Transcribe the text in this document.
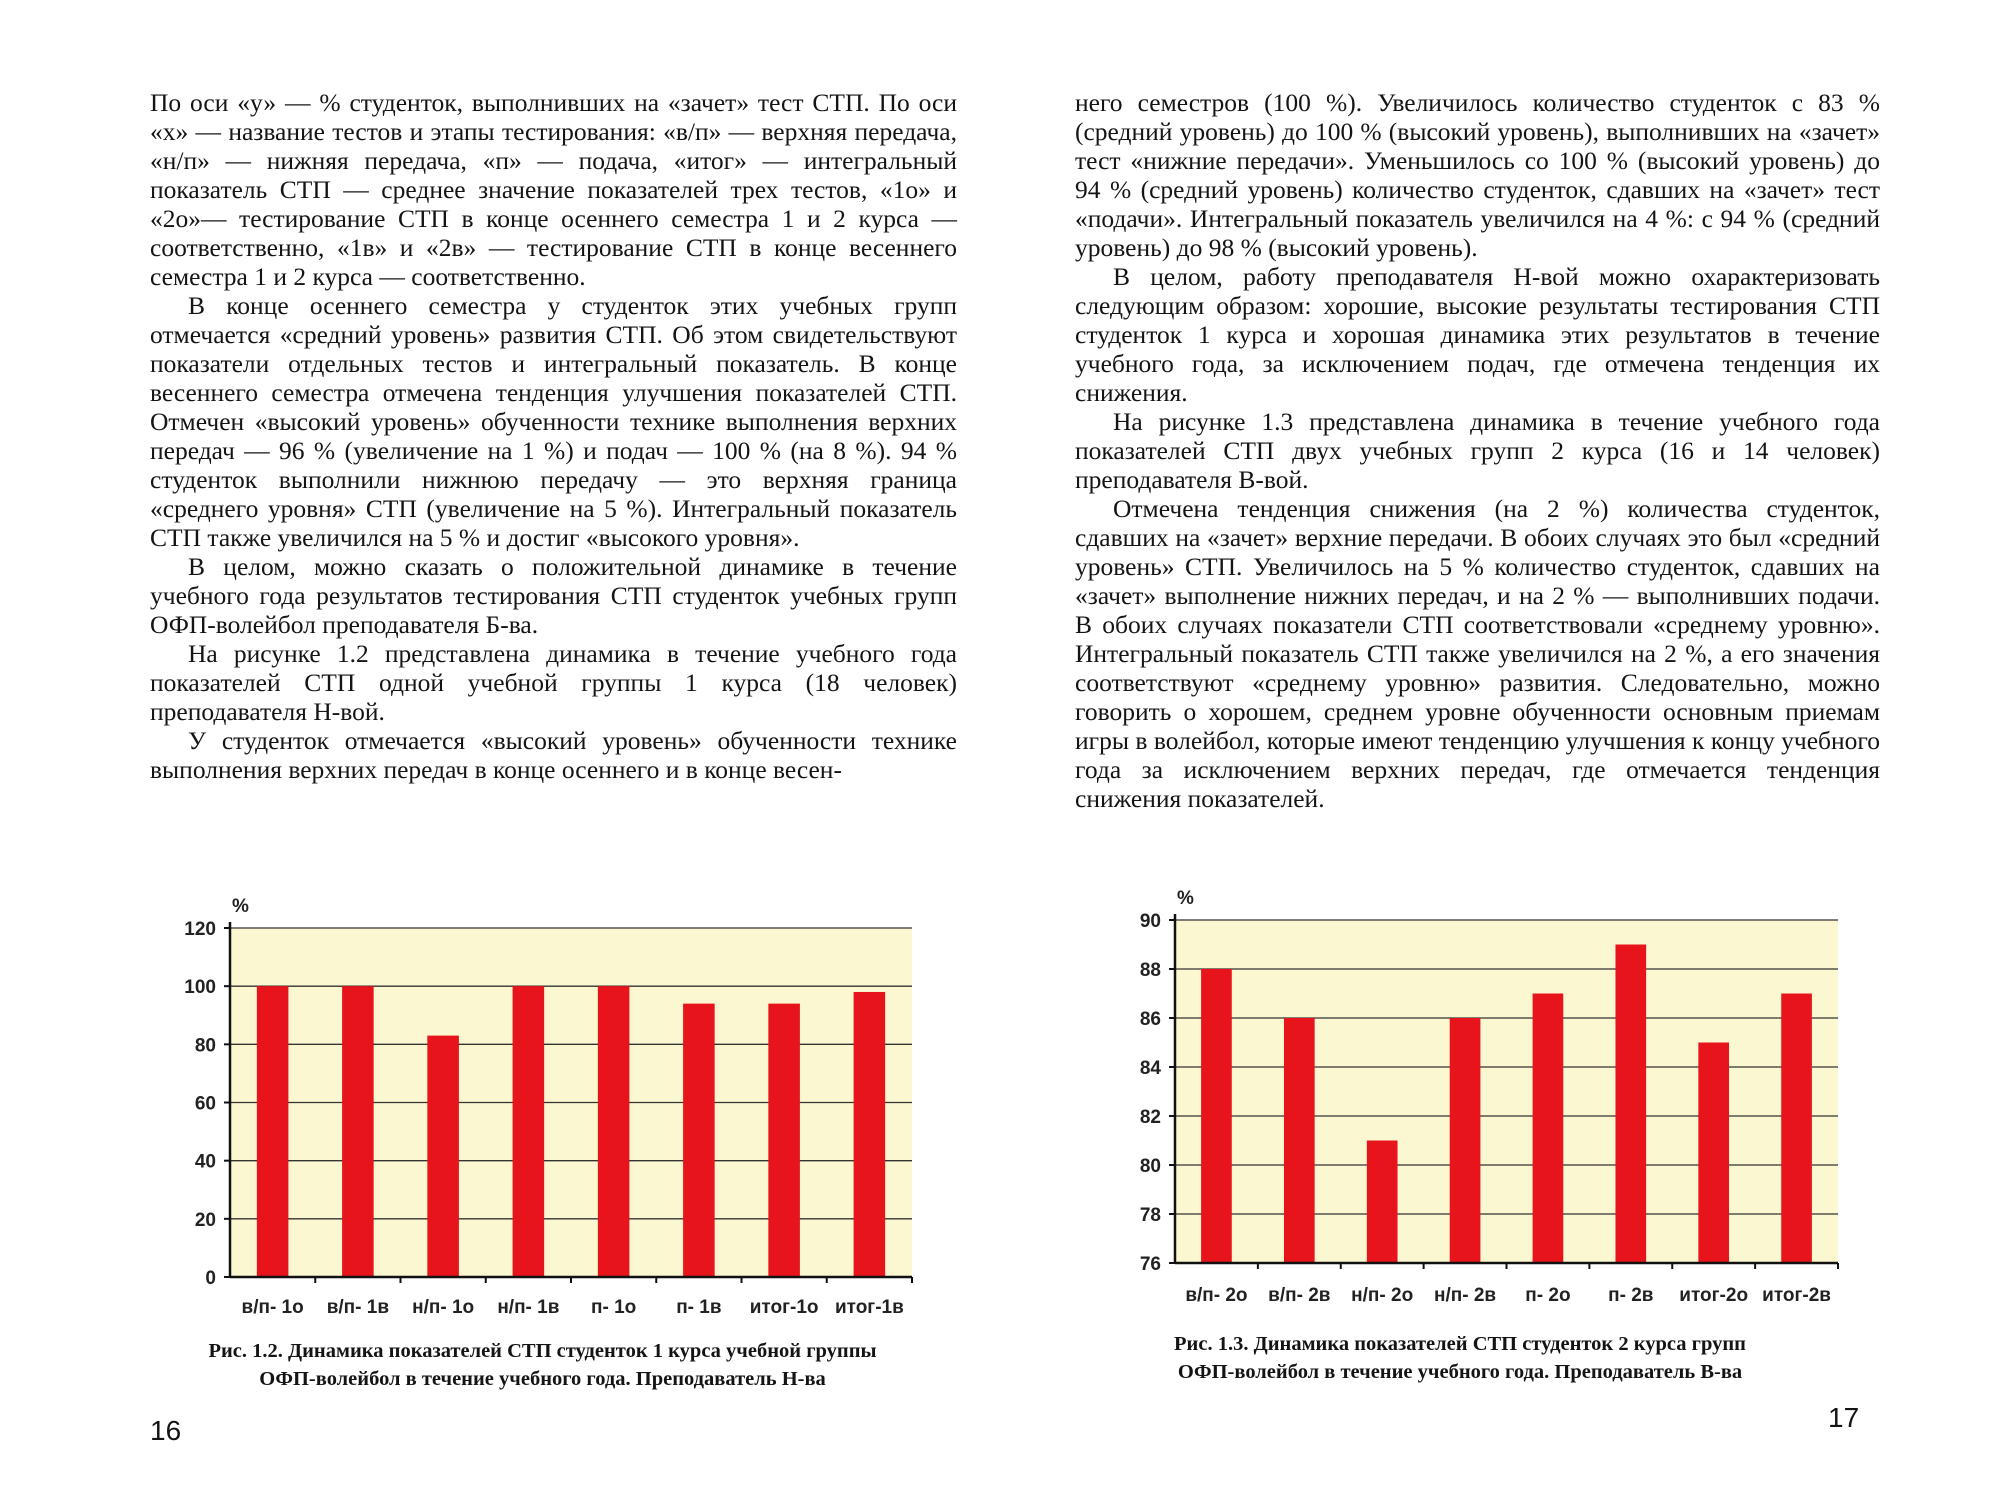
По оси «у» — % студенток, выполнивших на «зачет» тест СТП. По оси «х» — название тестов и этапы тестирования: «в/п» — верхняя передача, «н/п» — нижняя передача, «п» — подача, «итог» — интегральный показатель СТП — среднее значение показателей трех тестов, «1о» и «2о»— тестирование СТП в конце осеннего семестра 1 и 2 курса — соответственно, «1в» и «2в» — тестирование СТП в конце весеннего семестра 1 и 2 курса — соответственно.

В конце осеннего семестра у студенток этих учебных групп отмечается «средний уровень» развития СТП. Об этом свидетельствуют показатели отдельных тестов и интегральный показатель. В конце весеннего семестра отмечена тенденция улучшения показателей СТП. Отмечен «высокий уровень» обученности технике выполнения верхних передач — 96 % (увеличение на 1 %) и подач — 100 % (на 8 %). 94 % студенток выполнили нижнюю передачу — это верхняя граница «среднего уровня» СТП (увеличение на 5 %). Интегральный показатель СТП также увеличился на 5 % и достиг «высокого уровня».

В целом, можно сказать о положительной динамике в течение учебного года результатов тестирования СТП студенток учебных групп ОФП-волейбол преподавателя Б-ва.

На рисунке 1.2 представлена динамика в течение учебного года показателей СТП одной учебной группы 1 курса (18 человек) преподавателя Н-вой.

У студенток отмечается «высокий уровень» обученности технике выполнения верхних передач в конце осеннего и в конце весен-

0
20
40
60
80
100
120
в/п- 1о в/п- 1в н/п- 1о н/п- 1в п- 1о п- 1в итог-1о итог-1в
%
Рис. 1.2. Динамика показателей СТП студенток 1 курса учебной группы
ОФП-волейбол в течение учебного года. Преподаватель Н-ва
16

него семестров (100 %). Увеличилось количество студенток с 83 % (средний уровень) до 100 % (высокий уровень), выполнивших на «зачет» тест «нижние передачи». Уменьшилось со 100 % (высокий уровень) до 94 % (средний уровень) количество студенток, сдавших на «зачет» тест «подачи». Интегральный показатель увеличился на 4 %: с 94 % (средний уровень) до 98 % (высокий уровень).

В целом, работу преподавателя Н-вой можно охарактеризовать следующим образом: хорошие, высокие результаты тестирования СТП студенток 1 курса и хорошая динамика этих результатов в течение учебного года, за исключением подач, где отмечена тенденция их снижения.

На рисунке 1.3 представлена динамика в течение учебного года показателей СТП двух учебных групп 2 курса (16 и 14 человек) преподавателя В-вой.

Отмечена тенденция снижения (на 2 %) количества студенток, сдавших на «зачет» верхние передачи. В обоих случаях это был «средний уровень» СТП. Увеличилось на 5 % количество студенток, сдавших на «зачет» выполнение нижних передач, и на 2 % — выполнивших подачи. В обоих случаях показатели СТП соответствовали «среднему уровню». Интегральный показатель СТП также увеличился на 2 %, а его значения соответствуют «среднему уровню» развития. Следовательно, можно говорить о хорошем, среднем уровне обученности основным приемам игры в волейбол, которые имеют тенденцию улучшения к концу учебного года за исключением верхних передач, где отмечается тенденция снижения показателей.

76
78
80
82
84
86
88
90
в/п- 2о в/п- 2в н/п- 2о н/п- 2в п- 2о п- 2в итог-2о итог-2в
%
Рис. 1.3. Динамика показателей СТП студенток 2 курса групп
ОФП-волейбол в течение учебного года. Преподаватель В-ва
17
